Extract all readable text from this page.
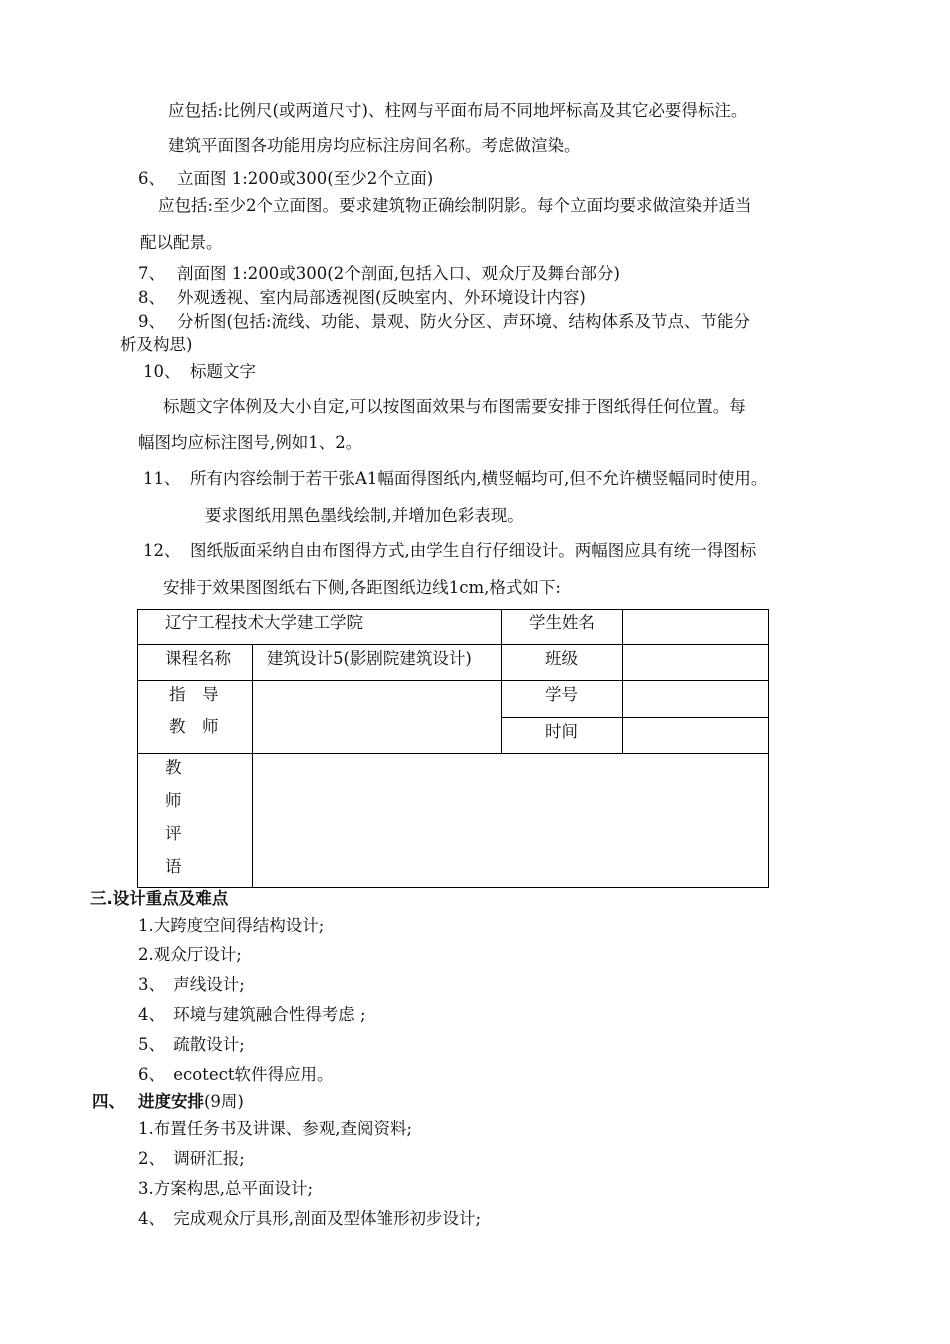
应包括:比例尺(或两道尺寸)、柱网与平面布局不同地坪标高及其它必要得标注。
建筑平面图各功能用房均应标注房间名称。考虑做渲染。
6、 立面图 1:200或300(至少2个立面)
应包括:至少2个立面图。要求建筑物正确绘制阴影。每个立面均要求做渲染并适当
配以配景。
7、 剖面图 1:200或300(2个剖面,包括入口、观众厅及舞台部分)
8、 外观透视、室内局部透视图(反映室内、外环境设计内容)
9、 分析图(包括:流线、功能、景观、防火分区、声环境、结构体系及节点、节能分
析及构思)
10、 标题文字
标题文字体例及大小自定,可以按图面效果与布图需要安排于图纸得任何位置。每
幅图均应标注图号,例如1、2。
11、 所有内容绘制于若干张A1幅面得图纸内,横竖幅均可,但不允许横竖幅同时使用。
要求图纸用黑色墨线绘制,并增加色彩表现。
12、 图纸版面采纳自由布图得方式,由学生自行仔细设计。两幅图应具有统一得图标
安排于效果图图纸右下侧,各距图纸边线1cm,格式如下:
辽宁工程技术大学建工学院	学生姓名
课程名称 建筑设计5(影剧院建筑设计)	班级
指　导
教　师
学号
时间
教
师
评
语
三.设计重点及难点
1.大跨度空间得结构设计;
2.观众厅设计;
3、　声线设计;
4、　环境与建筑融合性得考虑 ;
5、　疏散设计;
6、　ecotect软件得应用。
四、 进度安排(9周)
1.布置任务书及讲课、参观,查阅资料;
2、　调研汇报;
3.方案构思,总平面设计;
4、　完成观众厅具形,剖面及型体雏形初步设计;
